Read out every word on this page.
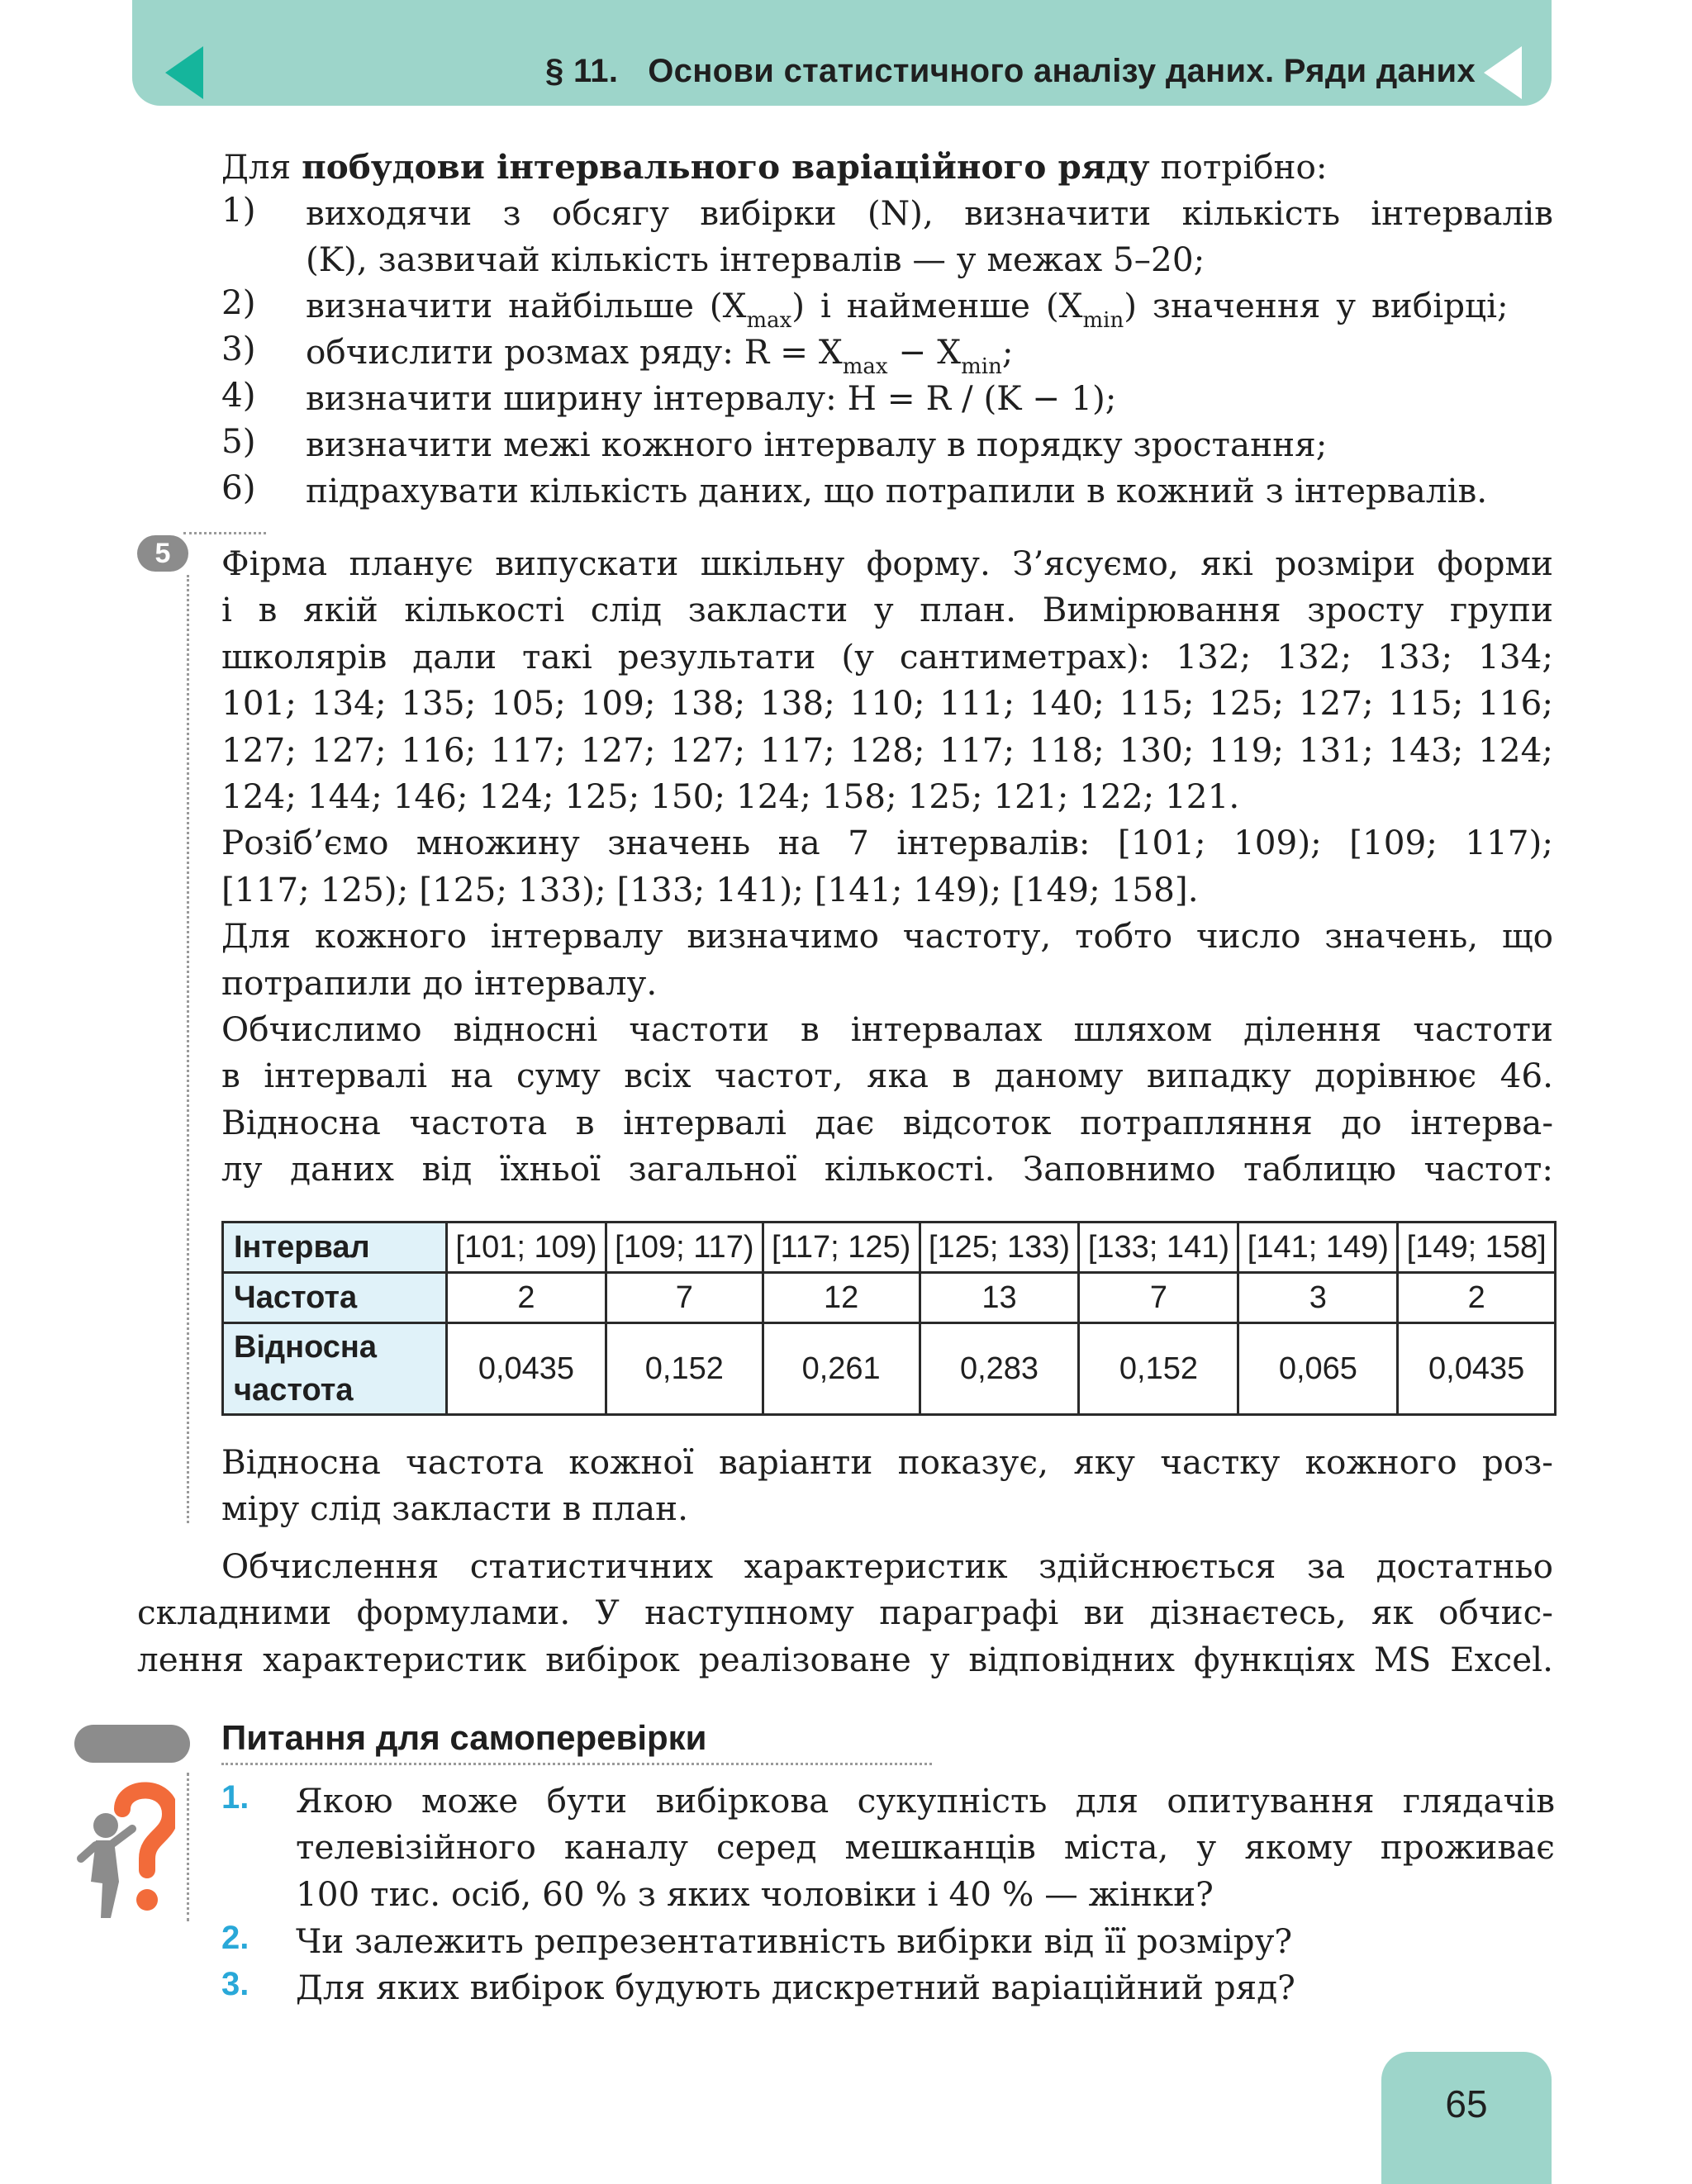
§ 11. Основи статистичного аналізу даних. Ряди даних
Для побудови інтервального варіаційного ряду потрібно:
1) виходячи з обсягу вибірки (N), визначити кількість інтервалів
(K), зазвичай кількість інтервалів — у межах 5–20;
2) визначити найбільше $(X_{max})$ і найменше $(X_{min})$ значення у вибірці;
3) обчислити розмах ряду: $R = X_{max} - X_{min}$;
4) визначити ширину інтервалу: H = R / (K − 1);
5) визначити межі кожного інтервалу в порядку зростання;
6) підрахувати кількість даних, що потрапили в кожний з інтервалів.
5	Фірма планує випускати шкільну форму. З’ясуємо, які розміри форми
і в якій кількості слід закласти у план. Вимірювання зросту групи
школярів дали такі результати (у сантиметрах): 132; 132; 133; 134;
101; 134; 135; 105; 109; 138; 138; 110; 111; 140; 115; 125; 127; 115; 116;
127; 127; 116; 117; 127; 127; 117; 128; 117; 118; 130; 119; 131; 143; 124;
124; 144; 146; 124; 125; 150; 124; 158; 125; 121; 122; 121.
Розіб’ємо множину значень на 7 інтервалів: [101; 109); [109; 117);
[117; 125); [125; 133); [133; 141); [141; 149); [149; 158].
Для кожного інтервалу визначимо частоту, тобто число значень, що
потрапили до інтервалу.
Обчислимо відносні частоти в інтервалах шляхом ділення частоти
в інтервалі на суму всіх частот, яка в даному випадку дорівнює 46.
Відносна частота в інтервалі дає відсоток потрапляння до інтерва-
лу даних від їхньої загальної кількості. Заповнимо таблицю частот:
Інтервал	[101; 109)	[109; 117)	[117; 125)	[125; 133)	[133; 141)	[141; 149)	[149; 158]
Частота	2	7	12	13	7	3	2
Відносна частота	0,0435	0,152	0,261	0,283	0,152	0,065	0,0435
Відносна частота кожної варіанти показує, яку частку кожного роз-
міру слід закласти в план.
Обчислення статистичних характеристик здійснюється за достатньо
складними формулами. У наступному параграфі ви дізнаєтесь, як обчис-
лення характеристик вибірок реалізоване у відповідних функціях MS Excel.
Питання для самоперевірки
1. Якою може бути вибіркова сукупність для опитування глядачів
телевізійного каналу серед мешканців міста, у якому проживає
100 тис. осіб, 60 % з яких чоловіки і 40 % — жінки?
2. Чи залежить репрезентативність вибірки від її розміру?
3. Для яких вибірок будують дискретний варіаційний ряд?
65
